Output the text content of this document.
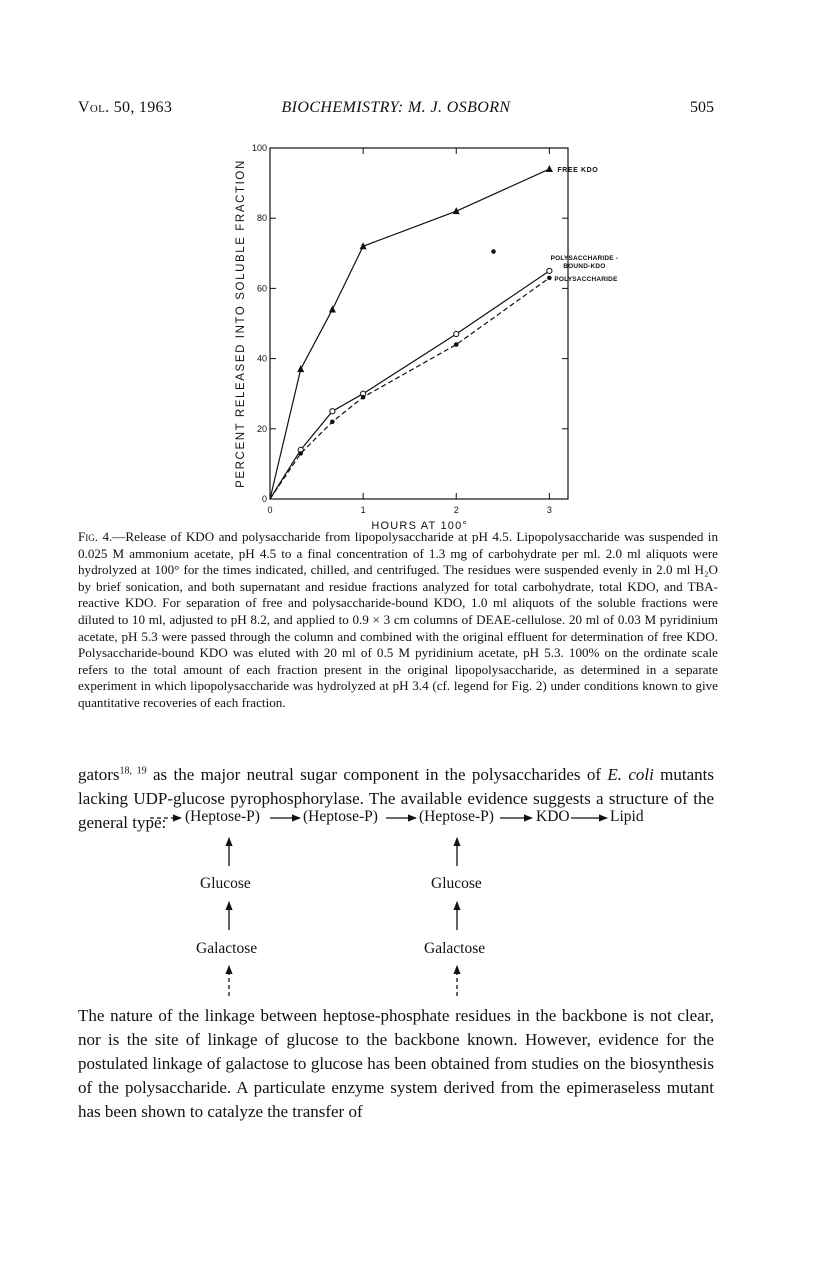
Vol. 50, 1963	BIOCHEMISTRY: M. J. OSBORN	505
0
20
40
60
80
100
0	1	2	3
PERCENT RELEASED INTO SOLUBLE FRACTION
HOURS AT 100°
FREE KDO
POLYSACCHARIDE -
BOUND-KDO
POLYSACCHARIDE
Fig. 4.—Release of KDO and polysaccharide from lipopolysaccharide at pH 4.5. Lipopolysaccharide was suspended in 0.025 M ammonium acetate, pH 4.5 to a final concentration of 1.3 mg of carbohydrate per ml. 2.0 ml aliquots were hydrolyzed at 100° for the times indicated, chilled, and centrifuged. The residues were suspended evenly in 2.0 ml H₂O by brief sonication, and both supernatant and residue fractions analyzed for total carbohydrate, total KDO, and TBA-reactive KDO. For separation of free and polysaccharide-bound KDO, 1.0 ml aliquots of the soluble fractions were diluted to 10 ml, adjusted to pH 8.2, and applied to 0.9 × 3 cm columns of DEAE-cellulose. 20 ml of 0.03 M pyridinium acetate, pH 5.3 were passed through the column and combined with the original effluent for determination of free KDO. Polysaccharide-bound KDO was eluted with 20 ml of 0.5 M pyridinium acetate, pH 5.3. 100% on the ordinate scale refers to the total amount of each fraction present in the original lipopolysaccharide, as determined in a separate experiment in which lipopolysaccharide was hydrolyzed at pH 3.4 (cf. legend for Fig. 2) under conditions known to give quantitative recoveries of each fraction.
gators$^{18, 19}$ as the major neutral sugar component in the polysaccharides of E. coli mutants lacking UDP-glucose pyrophosphorylase. The available evidence suggests a structure of the general type:	(Heptose-P)	(Heptose-P)	(Heptose-P)	KDO	Lipid
Glucose	Glucose
Galactose	Galactose
The nature of the linkage between heptose-phosphate residues in the backbone is not clear, nor is the site of linkage of glucose to the backbone known. However, evidence for the postulated linkage of galactose to glucose has been obtained from studies on the biosynthesis of the polysaccharide. A particulate enzyme system derived from the epimeraseless mutant has been shown to catalyze the transfer of
